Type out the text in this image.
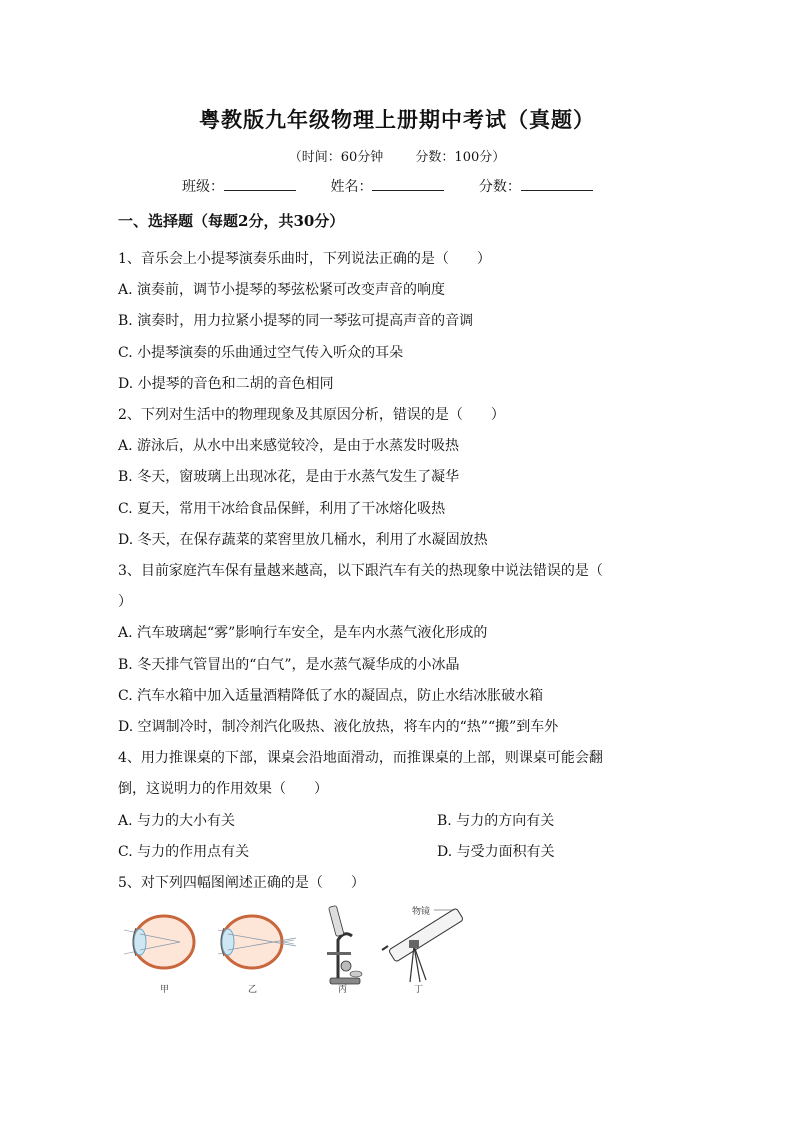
粤教版九年级物理上册期中考试（真题）
（时间：60分钟 分数：100分）
班级：	姓名：	分数：
一、选择题（每题2分，共30分）
1、音乐会上小提琴演奏乐曲时，下列说法正确的是（　　）
A. 演奏前，调节小提琴的琴弦松紧可改变声音的响度
B. 演奏时，用力拉紧小提琴的同一琴弦可提高声音的音调
C. 小提琴演奏的乐曲通过空气传入听众的耳朵
D. 小提琴的音色和二胡的音色相同
2、下列对生活中的物理现象及其原因分析，错误的是（　　）
A. 游泳后，从水中出来感觉较冷，是由于水蒸发时吸热
B. 冬天，窗玻璃上出现冰花，是由于水蒸气发生了凝华
C. 夏天，常用干冰给食品保鲜，利用了干冰熔化吸热
D. 冬天，在保存蔬菜的菜窖里放几桶水，利用了水凝固放热
3、目前家庭汽车保有量越来越高，以下跟汽车有关的热现象中说法错误的是（
）
A. 汽车玻璃起“雾”影响行车安全，是车内水蒸气液化形成的
B. 冬天排气管冒出的“白气”，是水蒸气凝华成的小冰晶
C. 汽车水箱中加入适量酒精降低了水的凝固点，防止水结冰胀破水箱
D. 空调制冷时，制冷剂汽化吸热、液化放热，将车内的“热”“搬”到车外
4、用力推课桌的下部，课桌会沿地面滑动，而推课桌的上部，则课桌可能会翻
倒，这说明力的作用效果（　　）
A. 与力的大小有关	B. 与力的方向有关
C. 与力的作用点有关	D. 与受力面积有关
5、对下列四幅图阐述正确的是（　　）
甲	乙	丙	丁
物镜
